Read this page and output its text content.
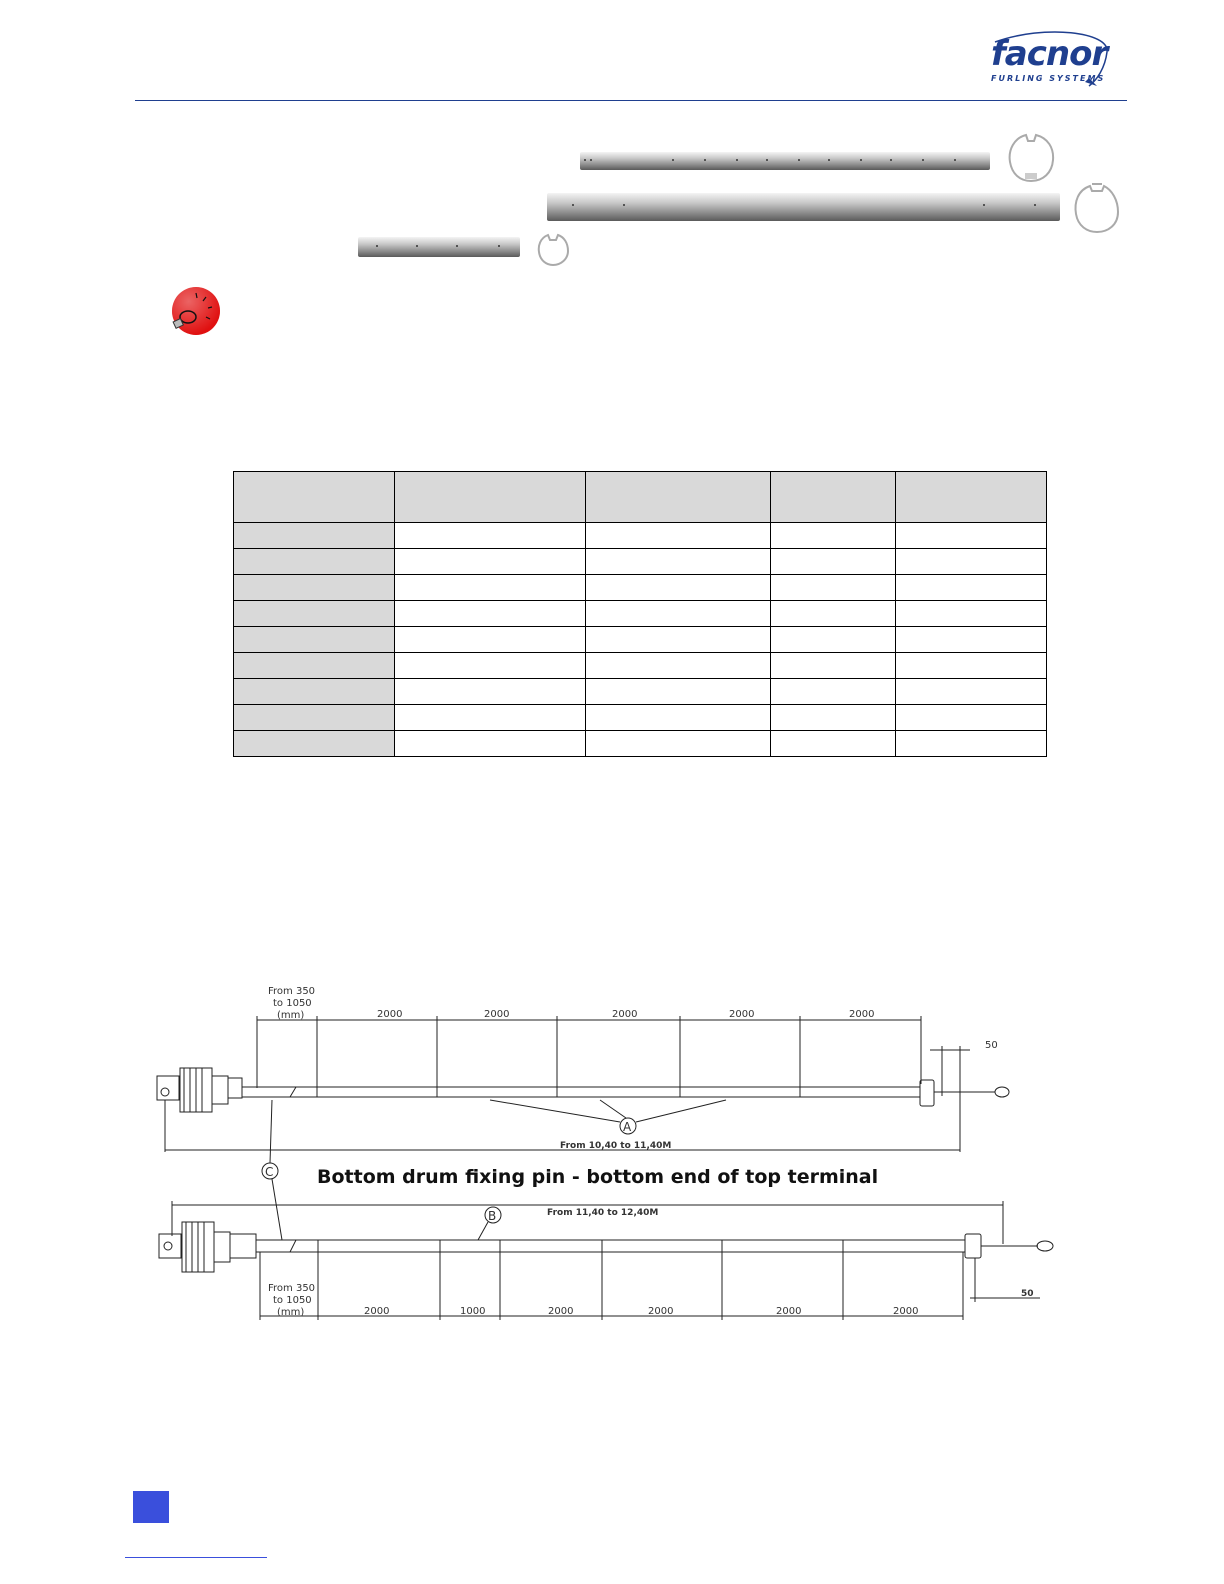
facnor
FURLING SYSTEMS

From 350
to 1050
(mm)	2000	2000	2000	2000	2000
50
From 10,40 to 11,40M
A
C
B	From 11,40 to 12,40M
From 350
to 1050
(mm)	2000	1000	2000	2000	2000	2000
50
Bottom drum fixing pin - bottom end of top terminal
